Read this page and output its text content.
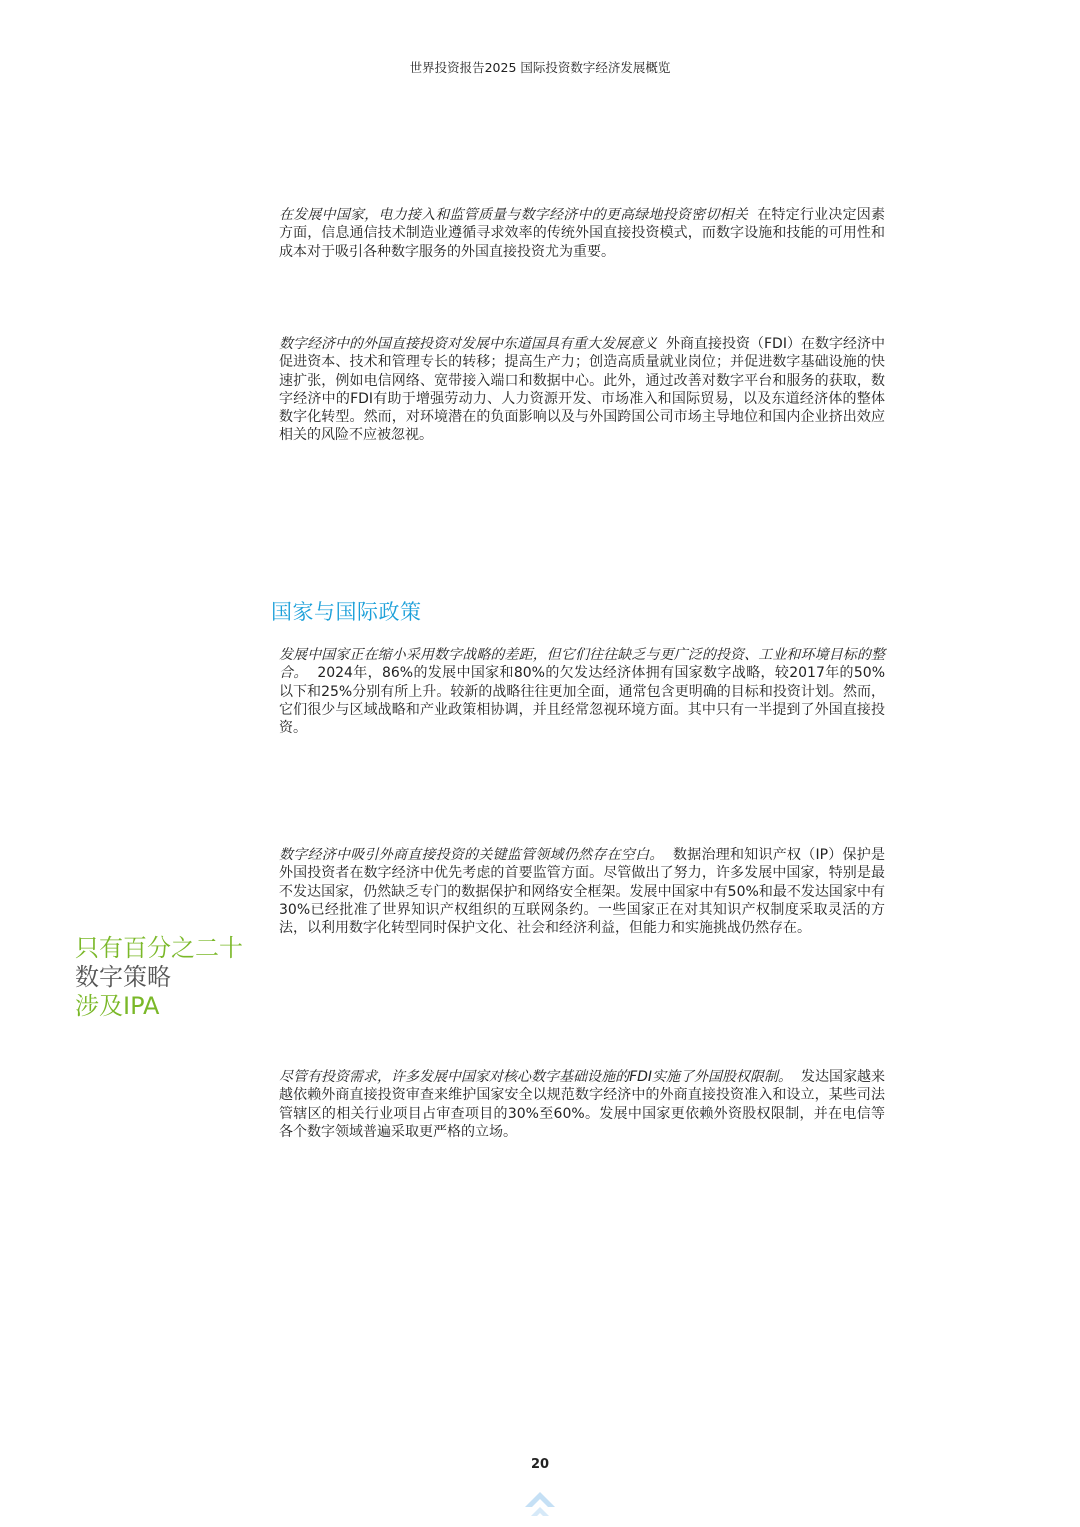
世界投资报告2025 国际投资数字经济发展概览
在发展中国家，电力接入和监管质量与数字经济中的更高绿地投资密切相关 在特定行业决定因素方面，信息通信技术制造业遵循寻求效率的传统外国直接投资模式，而数字设施和技能的可用性和成本对于吸引各种数字服务的外国直接投资尤为重要。
数字经济中的外国直接投资对发展中东道国具有重大发展意义 外商直接投资（FDI）在数字经济中促进资本、技术和管理专长的转移；提高生产力；创造高质量就业岗位；并促进数字基础设施的快速扩张，例如电信网络、宽带接入端口和数据中心。此外，通过改善对数字平台和服务的获取，数字经济中的FDI有助于增强劳动力、人力资源开发、市场准入和国际贸易，以及东道经济体的整体数字化转型。然而，对环境潜在的负面影响以及与外国跨国公司市场主导地位和国内企业挤出效应相关的风险不应被忽视。
国家与国际政策
发展中国家正在缩小采用数字战略的差距，但它们往往缺乏与更广泛的投资、工业和环境目标的整合。 2024年，86%的发展中国家和80%的欠发达经济体拥有国家数字战略，较2017年的50%以下和25%分别有所上升。较新的战略往往更加全面，通常包含更明确的目标和投资计划。然而，它们很少与区域战略和产业政策相协调，并且经常忽视环境方面。其中只有一半提到了外国直接投资。
数字经济中吸引外商直接投资的关键监管领域仍然存在空白。 数据治理和知识产权（IP）保护是外国投资者在数字经济中优先考虑的首要监管方面。尽管做出了努力，许多发展中国家，特别是最不发达国家，仍然缺乏专门的数据保护和网络安全框架。发展中国家中有50%和最不发达国家中有30%已经批准了世界知识产权组织的互联网条约。一些国家正在对其知识产权制度采取灵活的方法，以利用数字化转型同时保护文化、社会和经济利益，但能力和实施挑战仍然存在。
尽管有投资需求，许多发展中国家对核心数字基础设施的FDI实施了外国股权限制。 发达国家越来越依赖外商直接投资审查来维护国家安全以规范数字经济中的外商直接投资准入和设立，某些司法管辖区的相关行业项目占审查项目的30%至60%。发展中国家更依赖外资股权限制，并在电信等各个数字领域普遍采取更严格的立场。
只有百分之二十
数字策略
涉及IPA
20
